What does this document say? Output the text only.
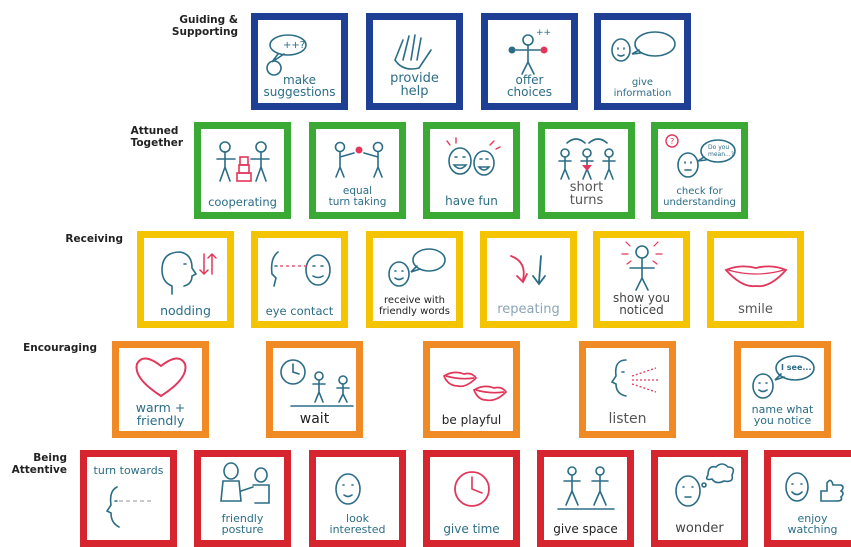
Guiding &
Supporting
Attuned
Together
Receiving
Encouraging
Being
Attentive
++?
make
suggestions
provide
help
++
offer
choices
give
information
cooperating
equal
turn taking	have fun
short
turns
?
Do you mean...?
check for
understanding
nodding	eye contact
receive with
friendly words	repeating
show you
noticed	smile
warm +
friendly	wait	be playful	listen
I see...
name what
you notice
turn towards
friendly
posture
look
interested	give time	give space	wonder
enjoy
watching
